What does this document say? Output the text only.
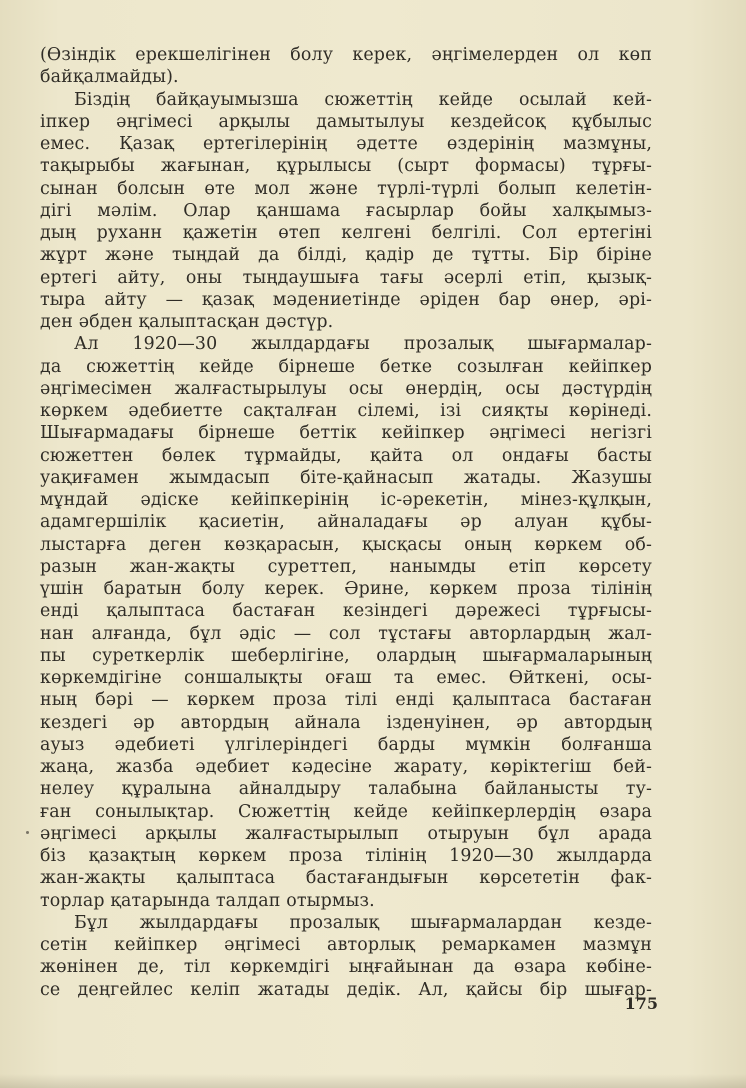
(Өзіндік ерекшелігінен болу керек, әңгімелерден ол көп
байқалмайды).
Біздің байқауымызша сюжеттің кейде осылай кей-
іпкер әңгімесі арқылы дамытылуы кездейсоқ құбылыс
емес. Қазақ ертегілерінің әдетте өздерінің мазмұны,
тақырыбы жағынан, құрылысы (сырт формасы) тұрғы-
сынан болсын өте мол және түрлі-түрлі болып келетін-
дігі мәлім. Олар қаншама ғасырлар бойы халқымыз-
дың руханн қажетін өтеп келгені белгілі. Сол ертегіні
жұрт және тыңдай да білді, қадір де тұтты. Бір біріне
ертегі айту, оны тыңдаушыға тағы әсерлі етіп, қызық-
тыра айту — қазақ мәдениетінде әріден бар өнер, әрі-
ден әбден қалыптасқан дәстүр.
Ал 1920—30 жылдардағы прозалық шығармалар-
да сюжеттің кейде бірнеше бетке созылған кейіпкер
әңгімесімен жалғастырылуы осы өнердің, осы дәстүрдің
көркем әдебиетте сақталған сілемі, ізі сияқты көрінеді.
Шығармадағы бірнеше беттік кейіпкер әңгімесі негізгі
сюжеттен бөлек тұрмайды, қайта ол ондағы басты
уақиғамен жымдасып біте-қайнасып жатады. Жазушы
мұндай әдіске кейіпкерінің іс-әрекетін, мінез-құлқын,
адамгершілік қасиетін, айналадағы әр алуан құбы-
лыстарға деген көзқарасын, қысқасы оның көркем об-
разын жан-жақты суреттеп, нанымды етіп көрсету
үшін баратын болу керек. Әрине, көркем проза тілінің
енді қалыптаса бастаған кезіндегі дәрежесі тұрғысы-
нан алғанда, бұл әдіс — сол тұстағы авторлардың жал-
пы суреткерлік шеберлігіне, олардың шығармаларының
көркемдігіне соншалықты оғаш та емес. Өйткені, осы-
ның бәрі — көркем проза тілі енді қалыптаса бастаған
кездегі әр автордың айнала ізденуінен, әр автордың
ауыз әдебиеті үлгілеріндегі барды мүмкін болғанша
жаңа, жазба әдебиет кәдесіне жарату, көріктегіш бей-
нелеу құралына айналдыру талабына байланысты ту-
ған сонылықтар. Сюжеттің кейде кейіпкерлердің өзара
әңгімесі арқылы жалғастырылып отыруын бұл арада
біз қазақтың көркем проза тілінің 1920—30 жылдарда
жан-жақты қалыптаса бастағандығын көрсететін фак-
торлар қатарында талдап отырмыз.
Бұл жылдардағы прозалық шығармалардан кезде-
сетін кейіпкер әңгімесі авторлық ремаркамен мазмұн
жөнінен де, тіл көркемдігі ыңғайынан да өзара көбіне-
се деңгейлес келіп жатады дедік. Ал, қайсы бір шығар-
175
